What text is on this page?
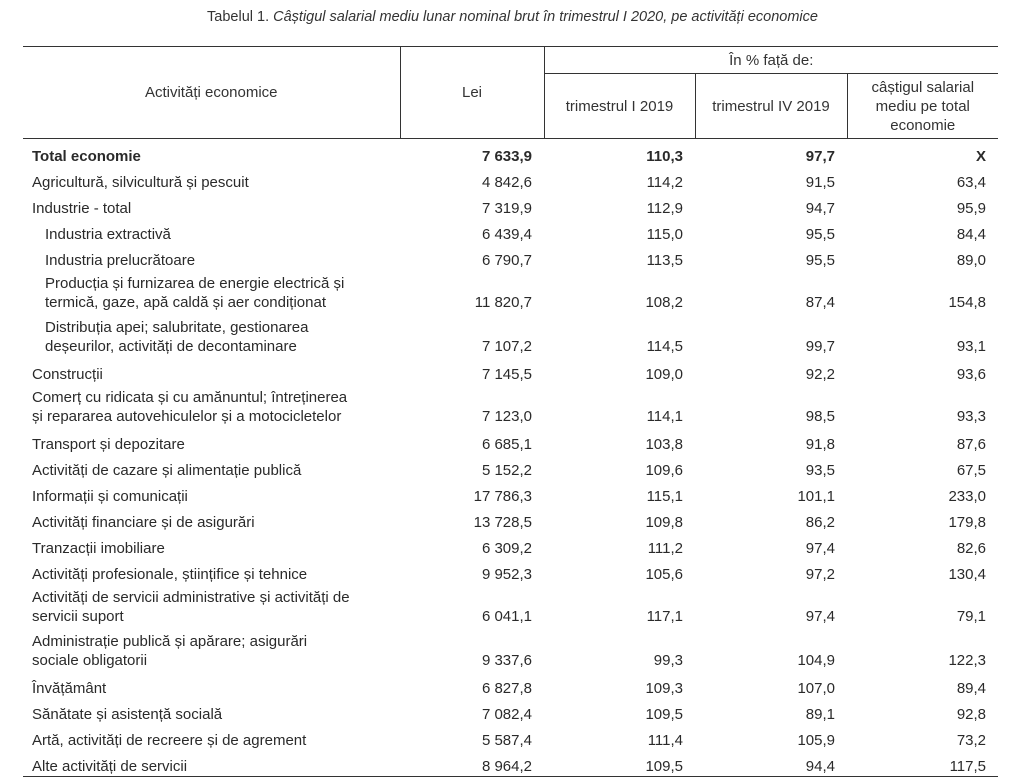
Tabelul 1. Câștigul salarial mediu lunar nominal brut în trimestrul I 2020, pe activități economice
Activități economice	Lei	În % față de:		
		trimestrul I 2019	trimestrul IV 2019	câștigul salarial
mediu pe total
economie
Total economie	7 633,9	110,3	97,7	X
Agricultură, silvicultură și pescuit	4 842,6	114,2	91,5	63,4
Industrie - total	7 319,9	112,9	94,7	95,9
Industria extractivă	6 439,4	115,0	95,5	84,4
Industria prelucrătoare	6 790,7	113,5	95,5	89,0
Producția și furnizarea de energie electrică și
termică, gaze, apă caldă și aer condiționat	11 820,7	108,2	87,4	154,8
Distribuția apei; salubritate, gestionarea
deșeurilor, activități de decontaminare	7 107,2	114,5	99,7	93,1
Construcții	7 145,5	109,0	92,2	93,6
Comerț cu ridicata și cu amănuntul; întreținerea
și repararea autovehiculelor și a motocicletelor	7 123,0	114,1	98,5	93,3
Transport și depozitare	6 685,1	103,8	91,8	87,6
Activități de cazare și alimentație publică	5 152,2	109,6	93,5	67,5
Informații și comunicații	17 786,3	115,1	101,1	233,0
Activități financiare și de asigurări	13 728,5	109,8	86,2	179,8
Tranzacții imobiliare	6 309,2	111,2	97,4	82,6
Activități profesionale, științifice și tehnice	9 952,3	105,6	97,2	130,4
Activități de servicii administrative și activități de
servicii suport	6 041,1	117,1	97,4	79,1
Administrație publică și apărare; asigurări
sociale obligatorii	9 337,6	99,3	104,9	122,3
Învățământ	6 827,8	109,3	107,0	89,4
Sănătate și asistență socială	7 082,4	109,5	89,1	92,8
Artă, activități de recreere și de agrement	5 587,4	111,4	105,9	73,2
Alte activități de servicii	8 964,2	109,5	94,4	117,5
